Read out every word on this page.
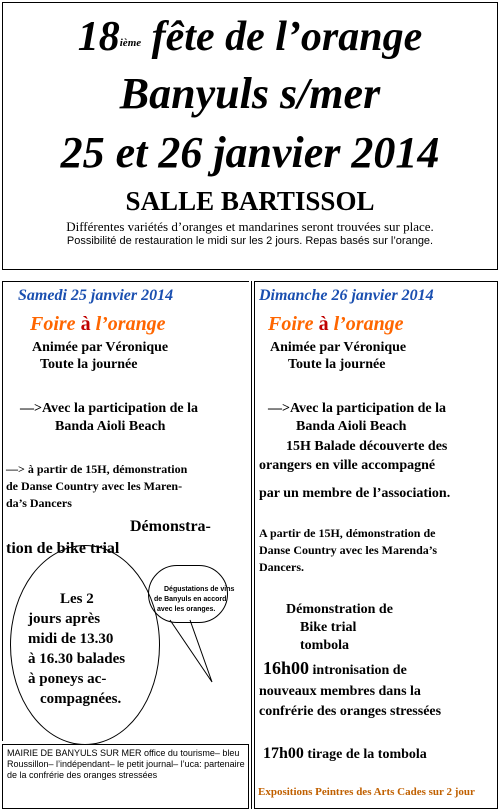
18ième fête de l’orange
Banyuls s/mer
25 et 26 janvier 2014
SALLE BARTISSOL
Différentes variétés d’oranges et mandarines seront trouvées sur place.
Possibilité de restauration le midi sur les 2 jours. Repas basés sur l’orange.
Samedi 25 janvier 2014
Foire à l’orange
Animée par Véronique
Toute la journée
—>Avec la participation de la
Banda Aioli Beach
—> à partir de 15H, démonstration
de Danse Country avec les Maren-
da’s Dancers
Démonstra-
tion de bike trial
Les 2
jours après
midi de 13.30
à 16.30 balades
à poneys ac-
compagnées.
Dégustations de vins
de Banyuls en accord
avec les oranges.
MAIRIE DE BANYULS SUR MER office du tourisme– bleu Roussillon– l’indépendant– le petit journal– l’uca: partenaire de la confrérie des oranges stressées
Dimanche 26 janvier 2014
Foire à l’orange
Animée par Véronique
Toute la journée
—>Avec la participation de la
Banda Aioli Beach
15H Balade découverte des
orangers en ville accompagné
par un membre de l’association.
A partir de 15H, démonstration de
Danse Country avec les Marenda’s
Dancers.
Démonstration de
Bike trial
tombola
16h00 intronisation de
nouveaux membres dans la
confrérie des oranges stressées
17h00 tirage de la tombola
Expositions Peintres des Arts Cades sur 2 jour
